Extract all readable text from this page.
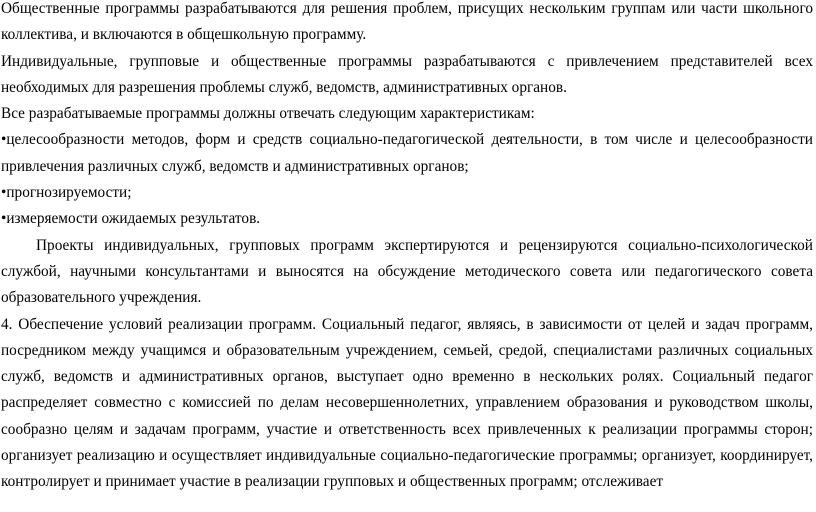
Общественные программы разрабатываются для решения проблем, присущих нескольким группам или части школьного коллектива, и включаются в общешкольную программу.

Индивидуальные, групповые и общественные программы разрабатываются с привлечением представителей всех необходимых для разрешения проблемы служб, ведомств, административных органов.

Все разрабатываемые программы должны отвечать следующим характеристикам:

•целесообразности методов, форм и средств социально-педагогической деятельности, в том числе и целесообразности привлечения различных служб, ведомств и административных органов;

•прогнозируемости;

•измеряемости ожидаемых результатов.

Проекты индивидуальных, групповых программ экспертируются и рецензируются социально-психологической службой, научными консультантами и выносятся на обсуждение методического совета или педагогического совета образовательного учреждения.

4. Обеспечение условий реализации программ. Социальный педагог, являясь, в зависимости от целей и задач программ, посредником между учащимся и образовательным учреждением, семьей, средой, специалистами различных социальных служб, ведомств и административных органов, выступает одно временно в нескольких ролях. Социальный педагог распределяет совместно с комиссией по делам несовершеннолетних, управлением образования и руководством школы, сообразно целям и задачам программ, участие и ответственность всех привлеченных к реализации программы сторон; организует реализацию и осуществляет индивидуальные социально-педагогические программы; организует, координирует, контролирует и принимает участие в реализации групповых и общественных программ; отслеживает
